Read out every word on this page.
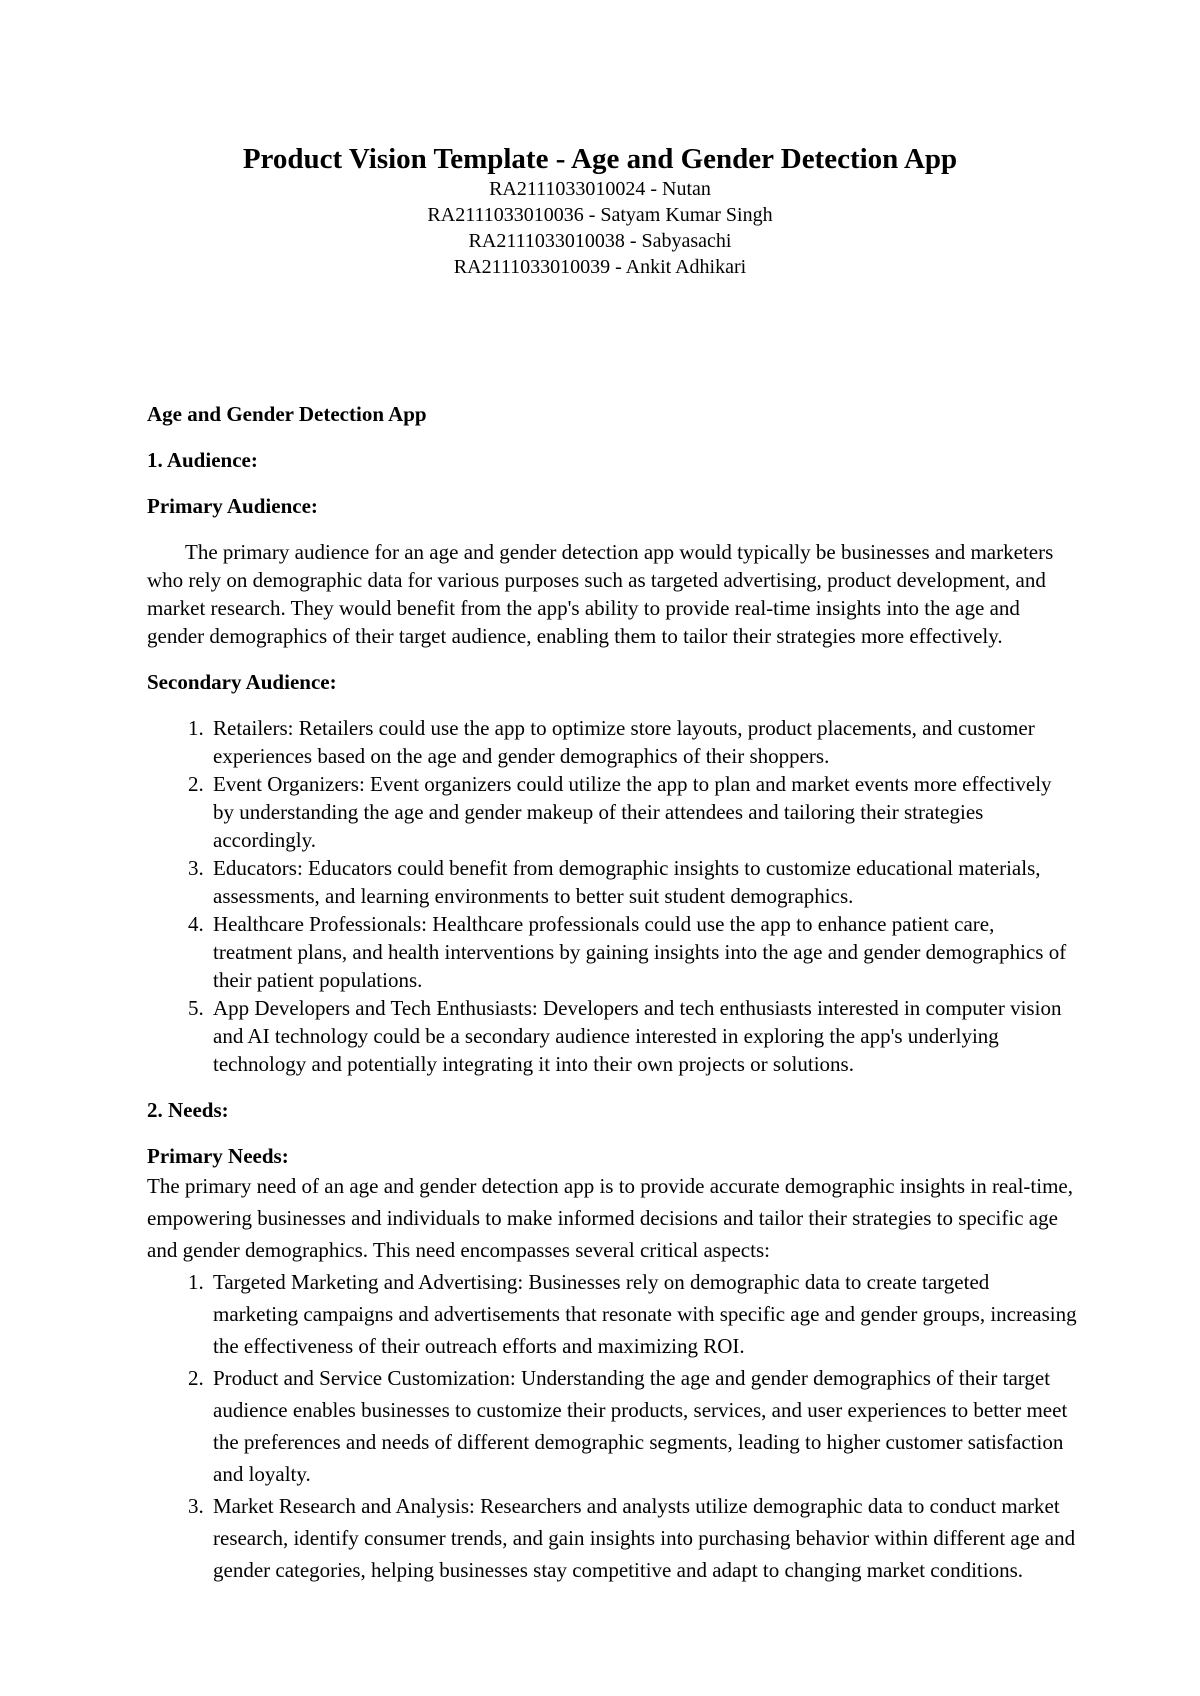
Product Vision Template - Age and Gender Detection App

RA2111033010024 - Nutan

RA2111033010036 - Satyam Kumar Singh

RA2111033010038 - Sabyasachi

RA2111033010039 - Ankit Adhikari

Age and Gender Detection App

1. Audience:

Primary Audience:

The primary audience for an age and gender detection app would typically be businesses and marketers who rely on demographic data for various purposes such as targeted advertising, product development, and market research. They would benefit from the app's ability to provide real-time insights into the age and gender demographics of their target audience, enabling them to tailor their strategies more effectively.

Secondary Audience:

1. Retailers: Retailers could use the app to optimize store layouts, product placements, and customer experiences based on the age and gender demographics of their shoppers.
2. Event Organizers: Event organizers could utilize the app to plan and market events more effectively by understanding the age and gender makeup of their attendees and tailoring their strategies accordingly.
3. Educators: Educators could benefit from demographic insights to customize educational materials, assessments, and learning environments to better suit student demographics.
4. Healthcare Professionals: Healthcare professionals could use the app to enhance patient care, treatment plans, and health interventions by gaining insights into the age and gender demographics of their patient populations.
5. App Developers and Tech Enthusiasts: Developers and tech enthusiasts interested in computer vision and AI technology could be a secondary audience interested in exploring the app's underlying technology and potentially integrating it into their own projects or solutions.

2. Needs:

Primary Needs:

The primary need of an age and gender detection app is to provide accurate demographic insights in real-time, empowering businesses and individuals to make informed decisions and tailor their strategies to specific age and gender demographics. This need encompasses several critical aspects:

1. Targeted Marketing and Advertising: Businesses rely on demographic data to create targeted marketing campaigns and advertisements that resonate with specific age and gender groups, increasing the effectiveness of their outreach efforts and maximizing ROI.
2. Product and Service Customization: Understanding the age and gender demographics of their target audience enables businesses to customize their products, services, and user experiences to better meet the preferences and needs of different demographic segments, leading to higher customer satisfaction and loyalty.
3. Market Research and Analysis: Researchers and analysts utilize demographic data to conduct market research, identify consumer trends, and gain insights into purchasing behavior within different age and gender categories, helping businesses stay competitive and adapt to changing market conditions.
